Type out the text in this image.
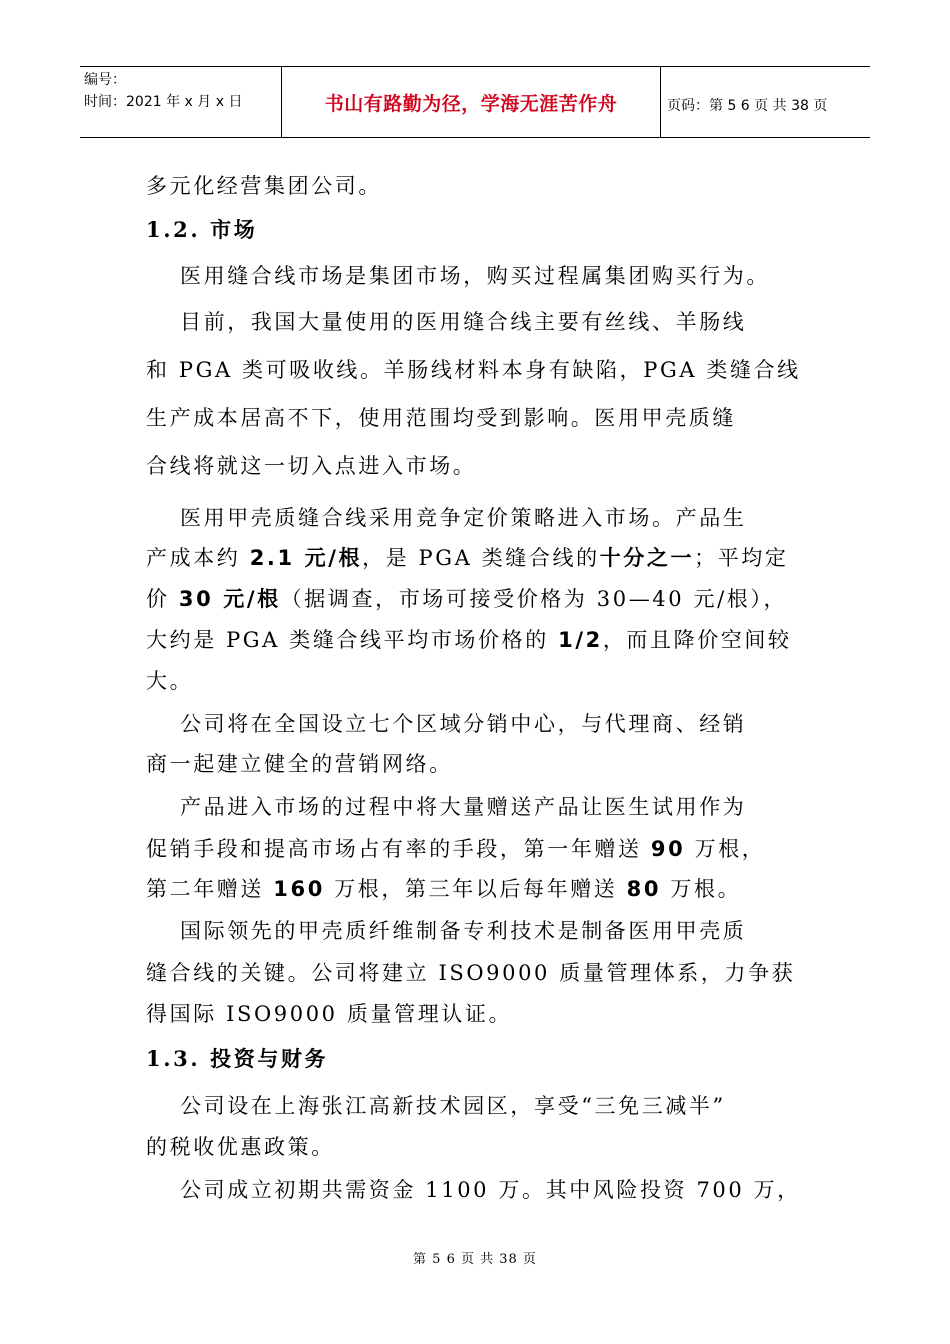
编号：
时间：2021 年 x 月 x 日	书山有路勤为径，学海无涯苦作舟	页码：第 5 6 页 共 38 页
多元化经营集团公司。
1.2. 市场
医用缝合线市场是集团市场，购买过程属集团购买行为。
目前，我国大量使用的医用缝合线主要有丝线、羊肠线
和 PGA 类可吸收线。羊肠线材料本身有缺陷，PGA 类缝合线
生产成本居高不下，使用范围均受到影响。医用甲壳质缝
合线将就这一切入点进入市场。
医用甲壳质缝合线采用竞争定价策略进入市场。产品生
产成本约 2.1 元/根，是 PGA 类缝合线的十分之一；平均定
价 30 元/根（据调查，市场可接受价格为 30—40 元/根），
大约是 PGA 类缝合线平均市场价格的 1/2，而且降价空间较
大。
公司将在全国设立七个区域分销中心，与代理商、经销
商一起建立健全的营销网络。
产品进入市场的过程中将大量赠送产品让医生试用作为
促销手段和提高市场占有率的手段，第一年赠送 90 万根，
第二年赠送 160 万根，第三年以后每年赠送 80 万根。
国际领先的甲壳质纤维制备专利技术是制备医用甲壳质
缝合线的关键。公司将建立 ISO9000 质量管理体系，力争获
得国际 ISO9000 质量管理认证。
1.3. 投资与财务
公司设在上海张江高新技术园区，享受“三免三减半”
的税收优惠政策。
公司成立初期共需资金 1100 万。其中风险投资 700 万，
第 5 6 页 共 38 页
